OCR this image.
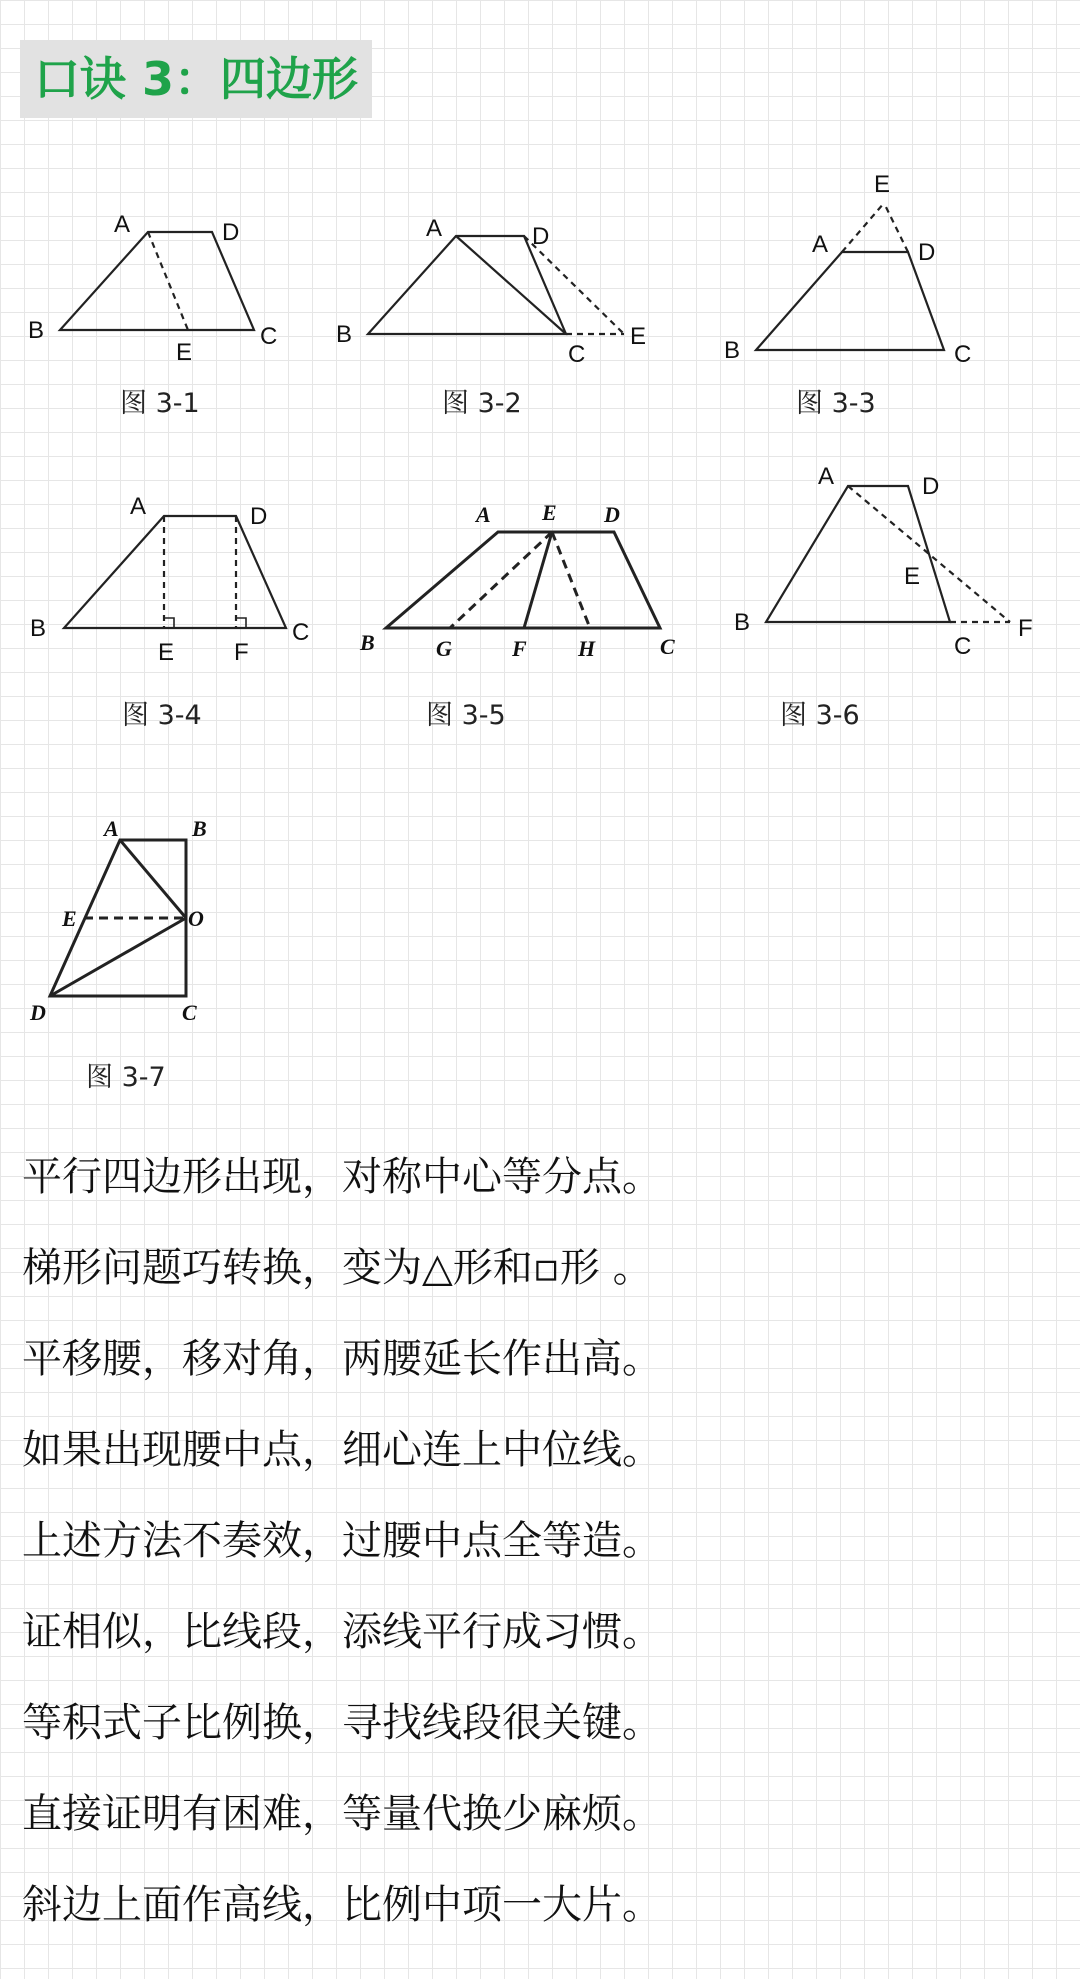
口诀 3：四边形
A	D
B
E
C
A	D
B
C
E
E
A	D
B	C
A	D
B
E F
C
A E D
B	G	F H	C
A	D
E
B
C
F
A	B
E	O
D	C
图 3-1	图 3-2	图 3-3
图 3-4	图 3-5	图 3-6
图 3-7
平行四边形出现，对称中心等分点。
梯形问题巧转换，变为△形和▫形 。
平移腰，移对角，两腰延长作出高。
如果出现腰中点，细心连上中位线。
上述方法不奏效，过腰中点全等造。
证相似，比线段，添线平行成习惯。
等积式子比例换，寻找线段很关键。
直接证明有困难，等量代换少麻烦。
斜边上面作高线，比例中项一大片。
